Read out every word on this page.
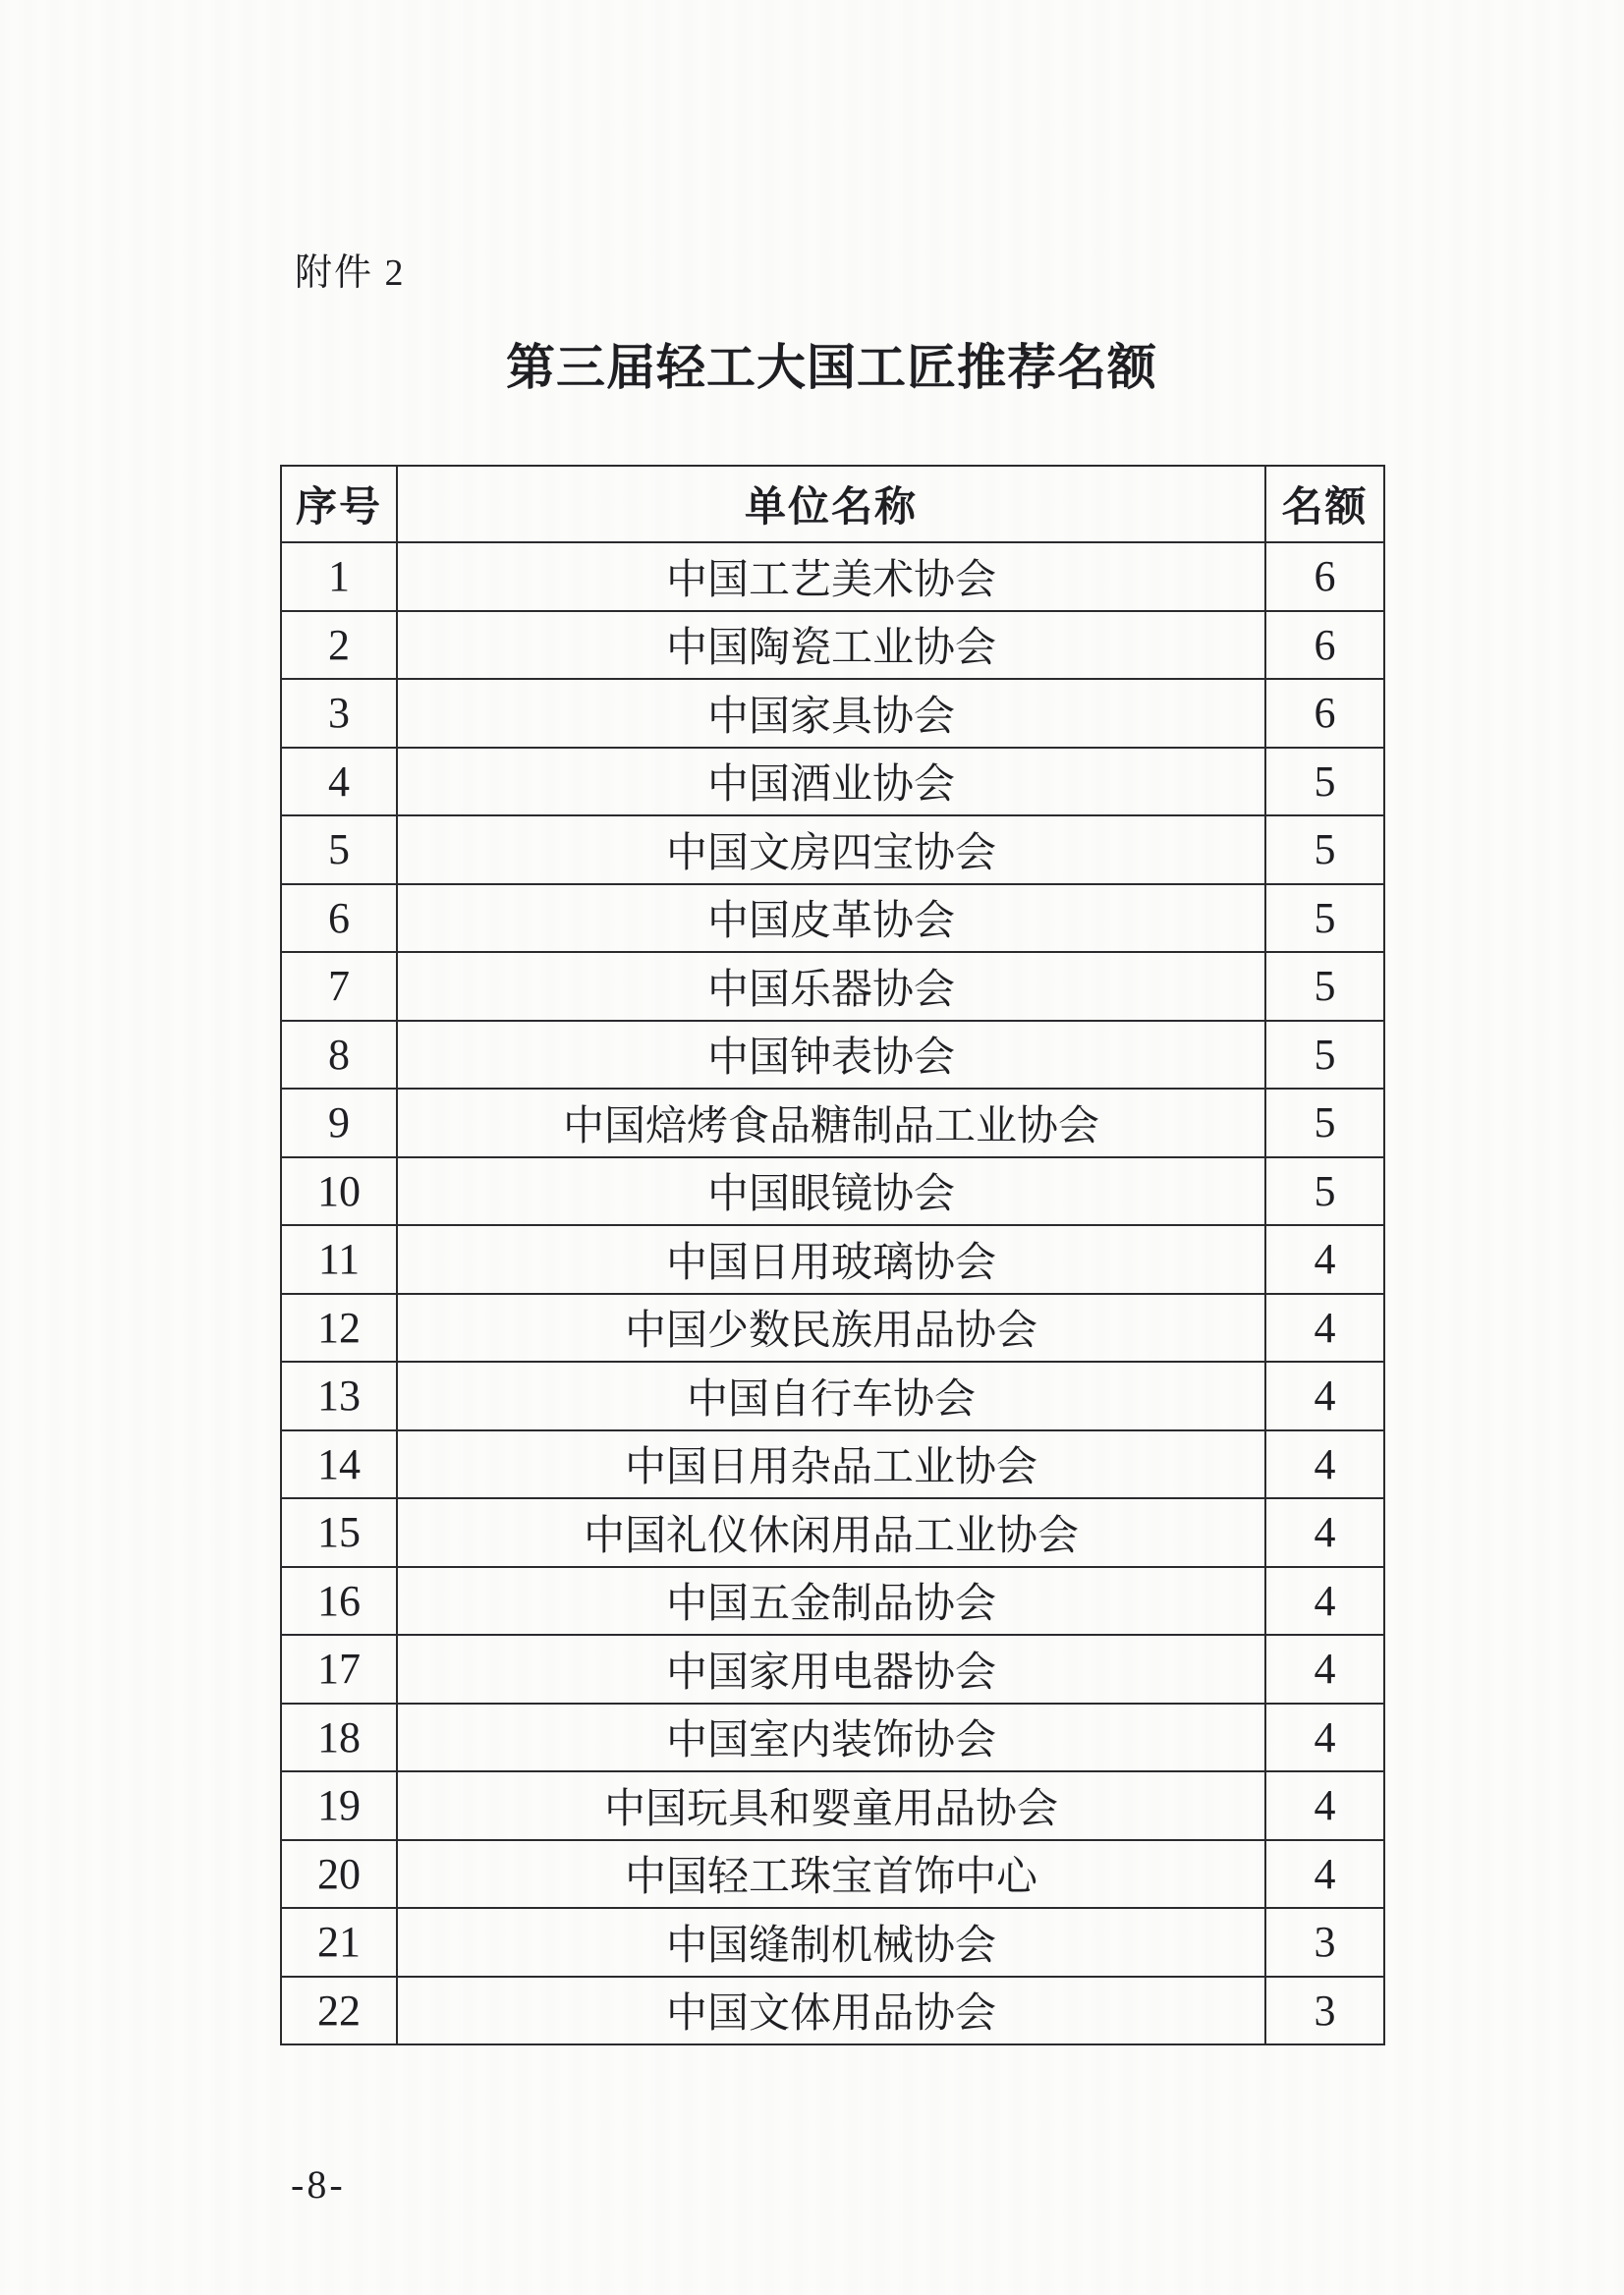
附件 2
第三届轻工大国工匠推荐名额
序号	单位名称	名额
1	中国工艺美术协会	6
2	中国陶瓷工业协会	6
3	中国家具协会	6
4	中国酒业协会	5
5	中国文房四宝协会	5
6	中国皮革协会	5
7	中国乐器协会	5
8	中国钟表协会	5
9	中国焙烤食品糖制品工业协会	5
10	中国眼镜协会	5
11	中国日用玻璃协会	4
12	中国少数民族用品协会	4
13	中国自行车协会	4
14	中国日用杂品工业协会	4
15	中国礼仪休闲用品工业协会	4
16	中国五金制品协会	4
17	中国家用电器协会	4
18	中国室内装饰协会	4
19	中国玩具和婴童用品协会	4
20	中国轻工珠宝首饰中心	4
21	中国缝制机械协会	3
22	中国文体用品协会	3
-8-
